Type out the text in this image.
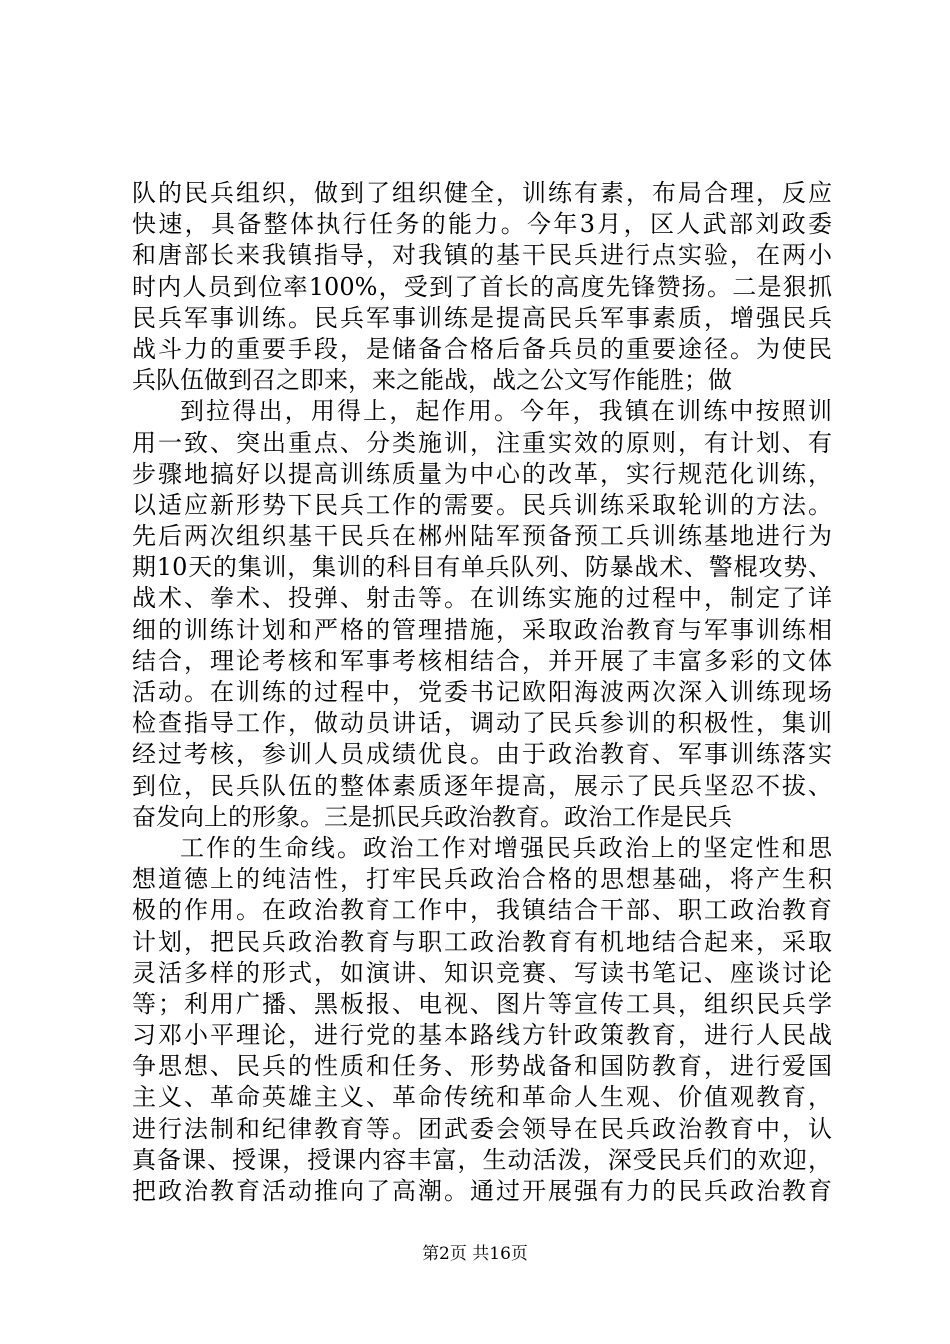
队的民兵组织，做到了组织健全，训练有素，布局合理，反应
快速，具备整体执行任务的能力。今年3月，区人武部刘政委
和唐部长来我镇指导，对我镇的基干民兵进行点实验，在两小
时内人员到位率100%，受到了首长的高度先锋赞扬。二是狠抓
民兵军事训练。民兵军事训练是提高民兵军事素质，增强民兵
战斗力的重要手段，是储备合格后备兵员的重要途径。为使民
兵队伍做到召之即来，来之能战，战之公文写作能胜；做
到拉得出，用得上，起作用。今年，我镇在训练中按照训
用一致、突出重点、分类施训，注重实效的原则，有计划、有
步骤地搞好以提高训练质量为中心的改革，实行规范化训练，
以适应新形势下民兵工作的需要。民兵训练采取轮训的方法。
先后两次组织基干民兵在郴州陆军预备预工兵训练基地进行为
期10天的集训，集训的科目有单兵队列、防暴战术、警棍攻势、
战术、拳术、投弹、射击等。在训练实施的过程中，制定了详
细的训练计划和严格的管理措施，采取政治教育与军事训练相
结合，理论考核和军事考核相结合，并开展了丰富多彩的文体
活动。在训练的过程中，党委书记欧阳海波两次深入训练现场
检查指导工作，做动员讲话，调动了民兵参训的积极性，集训
经过考核，参训人员成绩优良。由于政治教育、军事训练落实
到位，民兵队伍的整体素质逐年提高，展示了民兵坚忍不拔、
奋发向上的形象。三是抓民兵政治教育。政治工作是民兵
工作的生命线。政治工作对增强民兵政治上的坚定性和思
想道德上的纯洁性，打牢民兵政治合格的思想基础，将产生积
极的作用。在政治教育工作中，我镇结合干部、职工政治教育
计划，把民兵政治教育与职工政治教育有机地结合起来，采取
灵活多样的形式，如演讲、知识竞赛、写读书笔记、座谈讨论
等；利用广播、黑板报、电视、图片等宣传工具，组织民兵学
习邓小平理论，进行党的基本路线方针政策教育，进行人民战
争思想、民兵的性质和任务、形势战备和国防教育，进行爱国
主义、革命英雄主义、革命传统和革命人生观、价值观教育，
进行法制和纪律教育等。团武委会领导在民兵政治教育中，认
真备课、授课，授课内容丰富，生动活泼，深受民兵们的欢迎，
把政治教育活动推向了高潮。通过开展强有力的民兵政治教育
第2页 共16页
